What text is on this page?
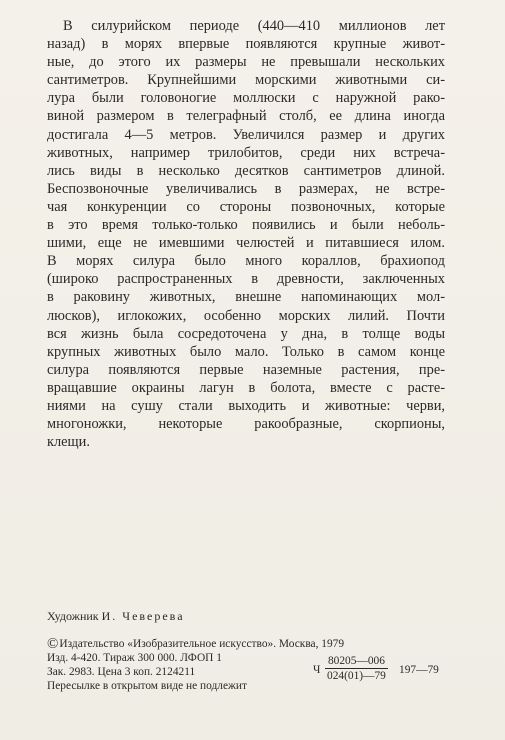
В силурийском периоде (440—410 миллионов лет
назад) в морях впервые появляются крупные живот-
ные, до этого их размеры не превышали нескольких
сантиметров. Крупнейшими морскими животными си-
лура были головоногие моллюски с наружной рако-
виной размером в телеграфный столб, ее длина иногда
достигала 4—5 метров. Увеличился размер и других
животных, например трилобитов, среди них встреча-
лись виды в несколько десятков сантиметров длиной.
Беспозвоночные увеличивались в размерах, не встре-
чая конкуренции со стороны позвоночных, которые
в это время только-только появились и были неболь-
шими, еще не имевшими челюстей и питавшиеся илом.
В морях силура было много кораллов, брахиопод
(широко распространенных в древности, заключенных
в раковину животных, внешне напоминающих мол-
люсков), иглокожих, особенно морских лилий. Почти
вся жизнь была сосредоточена у дна, в толще воды
крупных животных было мало. Только в самом конце
силура появляются первые наземные растения, пре-
вращавшие окраины лагун в болота, вместе с расте-
ниями на сушу стали выходить и животные: черви,
многоножки, некоторые ракообразные, скорпионы,
клещи.
Художник И. Чеверева
©Издательство «Изобразительное искусство». Москва, 1979
Изд. 4-420. Тираж 300 000. ЛФОП 1
Зак. 2983. Цена 3 коп. 2124211
Пересылке в открытом виде не подлежит
Ч $\frac{80205—006}{024(01)—79}$ 197—79
